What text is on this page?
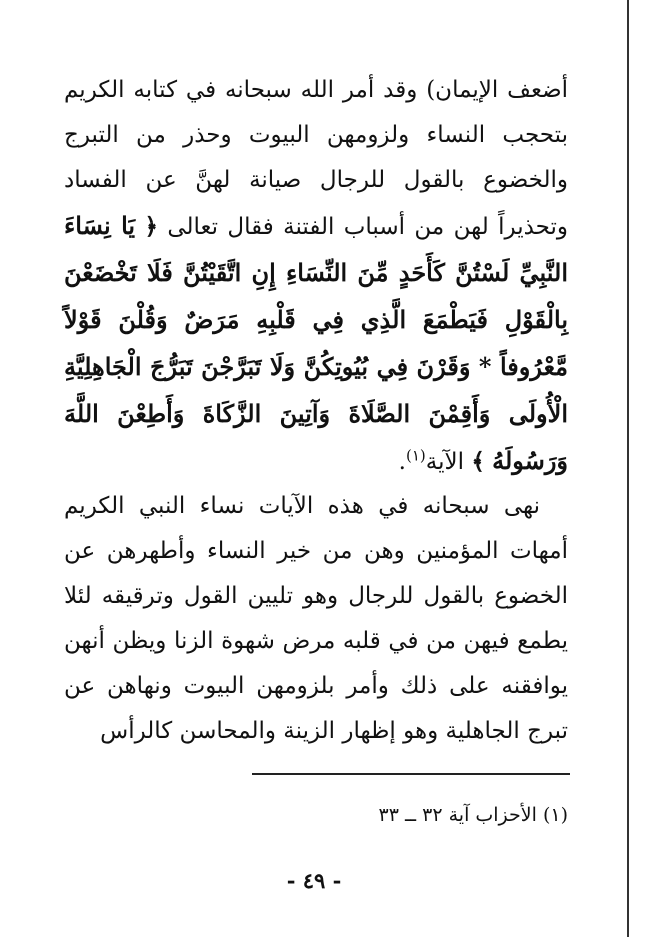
أضعف الإيمان) وقد أمر الله سبحانه في كتابه الكريم بتحجب النساء ولزومهن البيوت وحذر من التبرج والخضوع بالقول للرجال صيانة لهنَّ عن الفساد وتحذيراً لهن من أسباب الفتنة فقال تعالى ﴿ يَا نِسَاءَ النَّبِيِّ لَسْتُنَّ كَأَحَدٍ مِّنَ النِّسَاءِ إِنِ اتَّقَيْتُنَّ فَلَا تَخْضَعْنَ بِالْقَوْلِ فَيَطْمَعَ الَّذِي فِي قَلْبِهِ مَرَضٌ وَقُلْنَ قَوْلاً مَّعْرُوفاً * وَقَرْنَ فِي بُيُوتِكُنَّ وَلَا تَبَرَّجْنَ تَبَرُّجَ الْجَاهِلِيَّةِ الْأُولَى وَأَقِمْنَ الصَّلَاةَ وَآتِينَ الزَّكَاةَ وَأَطِعْنَ اللَّهَ وَرَسُولَهُ ﴾ الآية$^{(١)}$.

نهى سبحانه في هذه الآيات نساء النبي الكريم أمهات المؤمنين وهن من خير النساء وأطهرهن عن الخضوع بالقول للرجال وهو تليين القول وترقيقه لئلا يطمع فيهن من في قلبه مرض شهوة الزنا ويظن أنهن يوافقنه على ذلك وأمر بلزومهن البيوت ونهاهن عن تبرج الجاهلية وهو إظهار الزينة والمحاسن كالرأس

(١) الأحزاب آية ٣٢ ــ ٣٣
- ٤٩ -
